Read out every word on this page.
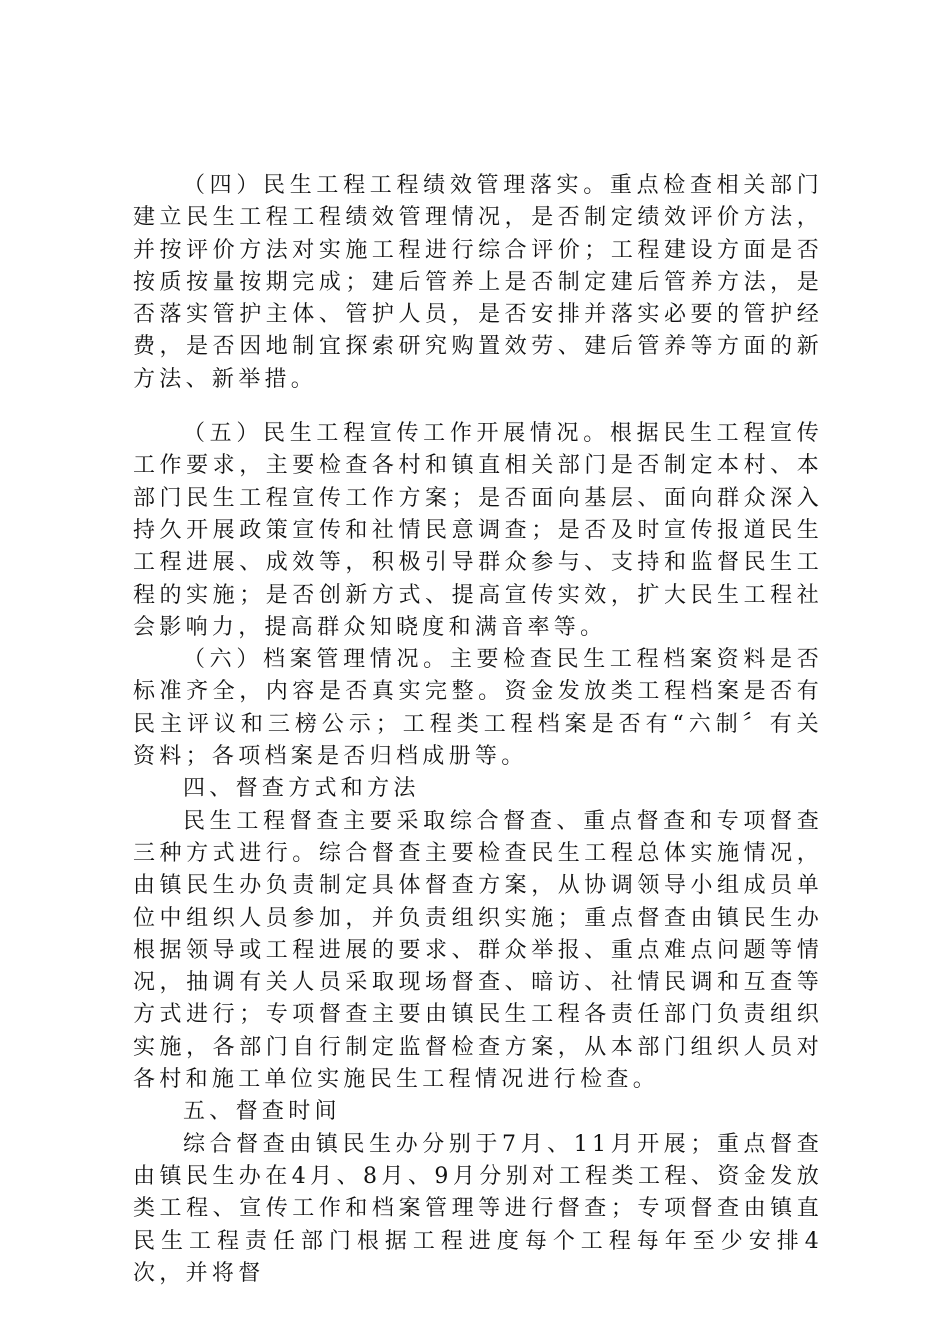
（四）民生工程工程绩效管理落实。重点检查相关部门建立民生工程工程绩效管理情况，是否制定绩效评价方法，并按评价方法对实施工程进行综合评价；工程建设方面是否按质按量按期完成；建后管养上是否制定建后管养方法，是否落实管护主体、管护人员，是否安排并落实必要的管护经费，是否因地制宜探索研究购置效劳、建后管养等方面的新方法、新举措。

（五）民生工程宣传工作开展情况。根据民生工程宣传工作要求，主要检查各村和镇直相关部门是否制定本村、本部门民生工程宣传工作方案；是否面向基层、面向群众深入持久开展政策宣传和社情民意调查；是否及时宣传报道民生工程进展、成效等，积极引导群众参与、支持和监督民生工程的实施；是否创新方式、提高宣传实效，扩大民生工程社会影响力，提高群众知晓度和满音率等。

（六）档案管理情况。主要检查民生工程档案资料是否标准齐全，内容是否真实完整。资金发放类工程档案是否有民主评议和三榜公示；工程类工程档案是否有“六制〞有关资料；各项档案是否归档成册等。

四、督查方式和方法

民生工程督查主要采取综合督查、重点督查和专项督查三种方式进行。综合督查主要检查民生工程总体实施情况，由镇民生办负责制定具体督查方案，从协调领导小组成员单位中组织人员参加，并负责组织实施；重点督查由镇民生办根据领导或工程进展的要求、群众举报、重点难点问题等情况，抽调有关人员采取现场督查、暗访、社情民调和互查等方式进行；专项督查主要由镇民生工程各责任部门负责组织实施，各部门自行制定监督检查方案，从本部门组织人员对各村和施工单位实施民生工程情况进行检查。

五、督查时间

综合督查由镇民生办分别于7月、11月开展；重点督查由镇民生办在4月、8月、9月分别对工程类工程、资金发放类工程、宣传工作和档案管理等进行督查；专项督查由镇直民生工程责任部门根据工程进度每个工程每年至少安排4次，并将督
